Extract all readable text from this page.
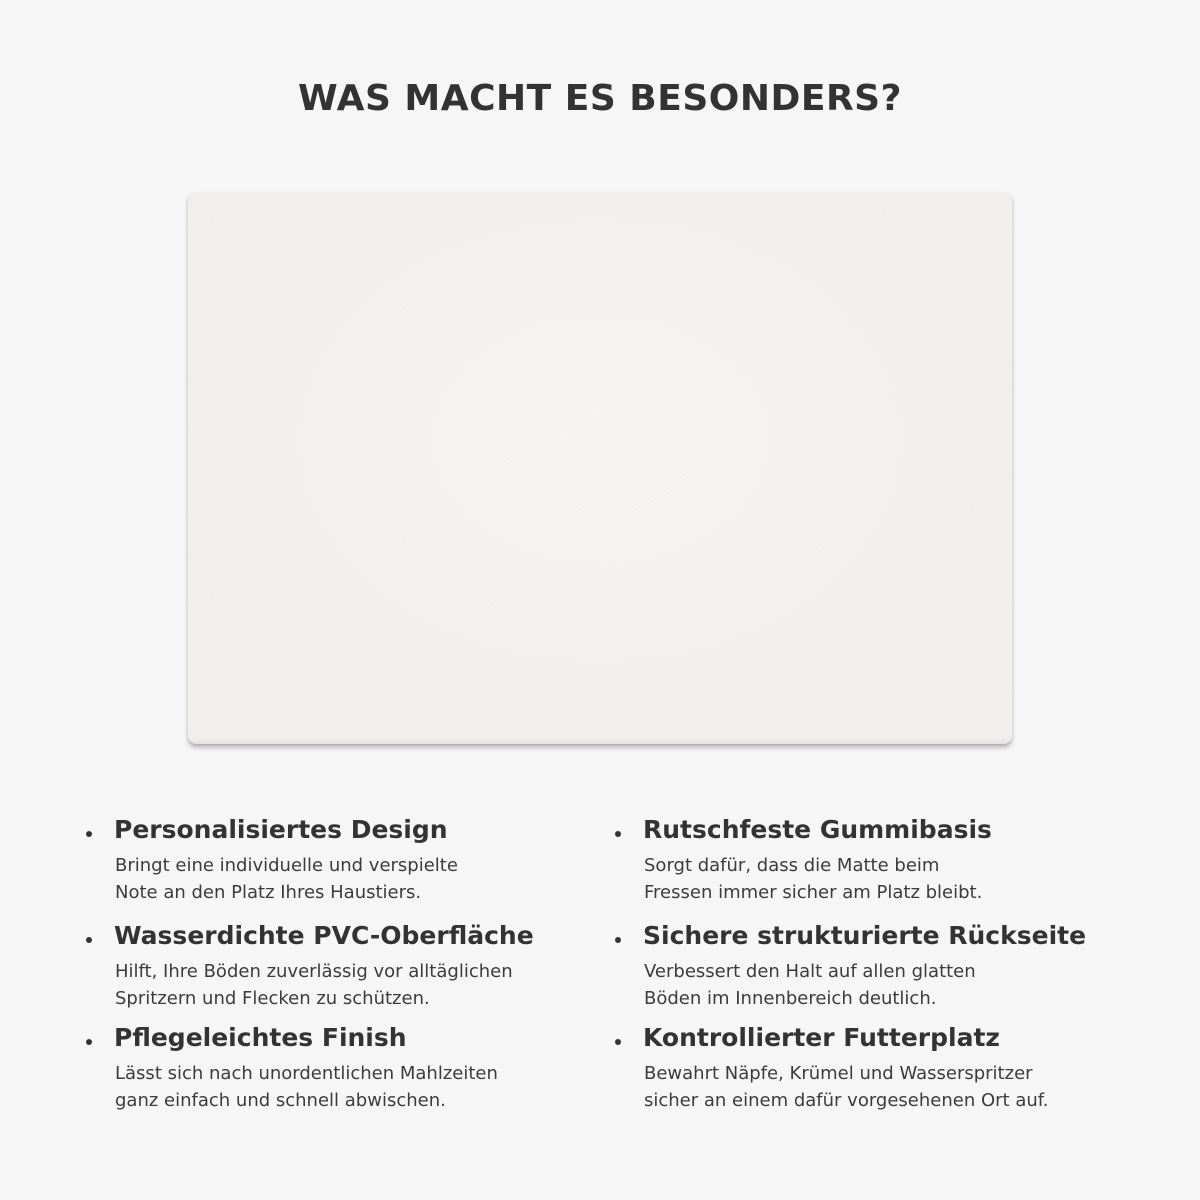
WAS MACHT ES BESONDERS?
Personalisiertes Design

Bringt eine individuelle und verspielte
Note an den Platz Ihres Haustiers.

Wasserdichte PVC-Oberfläche

Hilft, Ihre Böden zuverlässig vor alltäglichen
Spritzern und Flecken zu schützen.

Pflegeleichtes Finish

Lässt sich nach unordentlichen Mahlzeiten
ganz einfach und schnell abwischen.

Rutschfeste Gummibasis

Sorgt dafür, dass die Matte beim
Fressen immer sicher am Platz bleibt.

Sichere strukturierte Rückseite

Verbessert den Halt auf allen glatten
Böden im Innenbereich deutlich.

Kontrollierter Futterplatz

Bewahrt Näpfe, Krümel und Wasserspritzer
sicher an einem dafür vorgesehenen Ort auf.
